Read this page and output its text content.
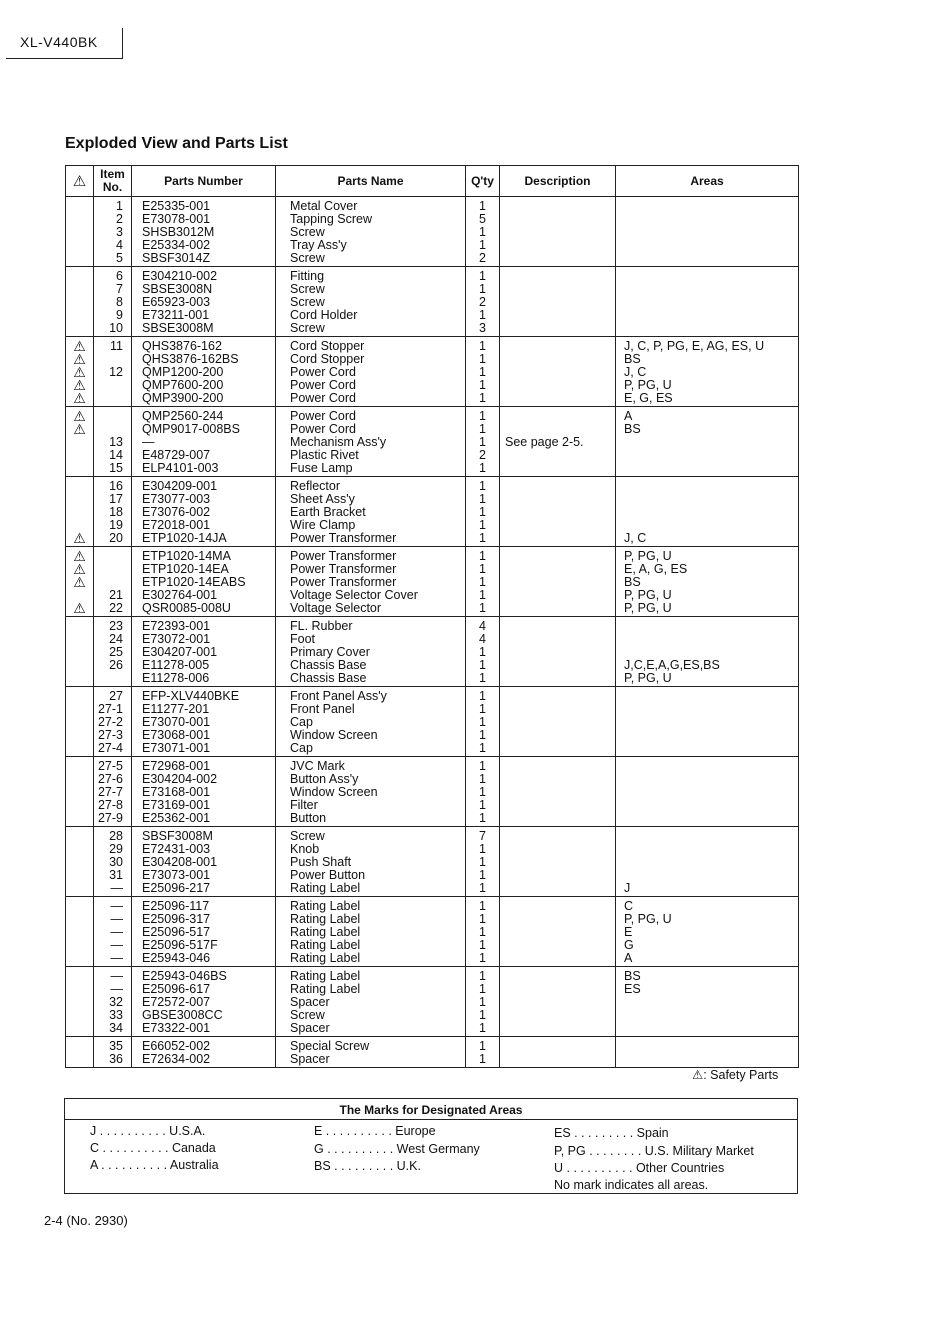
XL-V440BK
Exploded View and Parts List
⚠	Item
No.	Parts Number	Parts Name	Q'ty	Description	Areas
	1	E25335-001	Metal Cover	1		
	2	E73078-001	Tapping Screw	5		
	3	SHSB3012M	Screw	1		
	4	E25334-002	Tray Ass'y	1		
	5	SBSF3014Z	Screw	2		
	6	E304210-002	Fitting	1		
	7	SBSE3008N	Screw	1		
	8	E65923-003	Screw	2		
	9	E73211-001	Cord Holder	1		
	10	SBSE3008M	Screw	3		
⚠	11	QHS3876-162	Cord Stopper	1		J, C, P, PG, E, AG, ES, U
⚠		QHS3876-162BS	Cord Stopper	1		BS
⚠	12	QMP1200-200	Power Cord	1		J, C
⚠		QMP7600-200	Power Cord	1		P, PG, U
⚠		QMP3900-200	Power Cord	1		E, G, ES
⚠		QMP2560-244	Power Cord	1		A
⚠		QMP9017-008BS	Power Cord	1		BS
	13	—	Mechanism Ass'y	1	See page 2-5.	
	14	E48729-007	Plastic Rivet	2		
	15	ELP4101-003	Fuse Lamp	1		
	16	E304209-001	Reflector	1		
	17	E73077-003	Sheet Ass'y	1		
	18	E73076-002	Earth Bracket	1		
	19	E72018-001	Wire Clamp	1		
⚠	20	ETP1020-14JA	Power Transformer	1		J, C
⚠		ETP1020-14MA	Power Transformer	1		P, PG, U
⚠		ETP1020-14EA	Power Transformer	1		E, A, G, ES
⚠		ETP1020-14EABS	Power Transformer	1		BS
	21	E302764-001	Voltage Selector Cover	1		P, PG, U
⚠	22	QSR0085-008U	Voltage Selector	1		P, PG, U
	23	E72393-001	FL. Rubber	4		
	24	E73072-001	Foot	4		
	25	E304207-001	Primary Cover	1		
	26	E11278-005	Chassis Base	1		J,C,E,A,G,ES,BS
		E11278-006	Chassis Base	1		P, PG, U
	27	EFP-XLV440BKE	Front Panel Ass'y	1		
	27-1	E11277-201	Front Panel	1		
	27-2	E73070-001	Cap	1		
	27-3	E73068-001	Window Screen	1		
	27-4	E73071-001	Cap	1		
	27-5	E72968-001	JVC Mark	1		
	27-6	E304204-002	Button Ass'y	1		
	27-7	E73168-001	Window Screen	1		
	27-8	E73169-001	Filter	1		
	27-9	E25362-001	Button	1		
	28	SBSF3008M	Screw	7		
	29	E72431-003	Knob	1		
	30	E304208-001	Push Shaft	1		
	31	E73073-001	Power Button	1		
	—	E25096-217	Rating Label	1		J
	—	E25096-117	Rating Label	1		C
	—	E25096-317	Rating Label	1		P, PG, U
	—	E25096-517	Rating Label	1		E
	—	E25096-517F	Rating Label	1		G
	—	E25943-046	Rating Label	1		A
	—	E25943-046BS	Rating Label	1		BS
	—	E25096-617	Rating Label	1		ES
	32	E72572-007	Spacer	1		
	33	GBSE3008CC	Screw	1		
	34	E73322-001	Spacer	1		
	35	E66052-002	Special Screw	1		
	36	E72634-002	Spacer	1		
⚠: Safety Parts
The Marks for Designated Areas
J . . . . . . . . . . U.S.A.
C . . . . . . . . . . Canada
A . . . . . . . . . . Australia
E . . . . . . . . . . Europe
G . . . . . . . . . . West Germany
BS . . . . . . . . . U.K.
ES . . . . . . . . . Spain
P, PG . . . . . . . . U.S. Military Market
U . . . . . . . . . . Other Countries
No mark indicates all areas.
2-4 (No. 2930)
